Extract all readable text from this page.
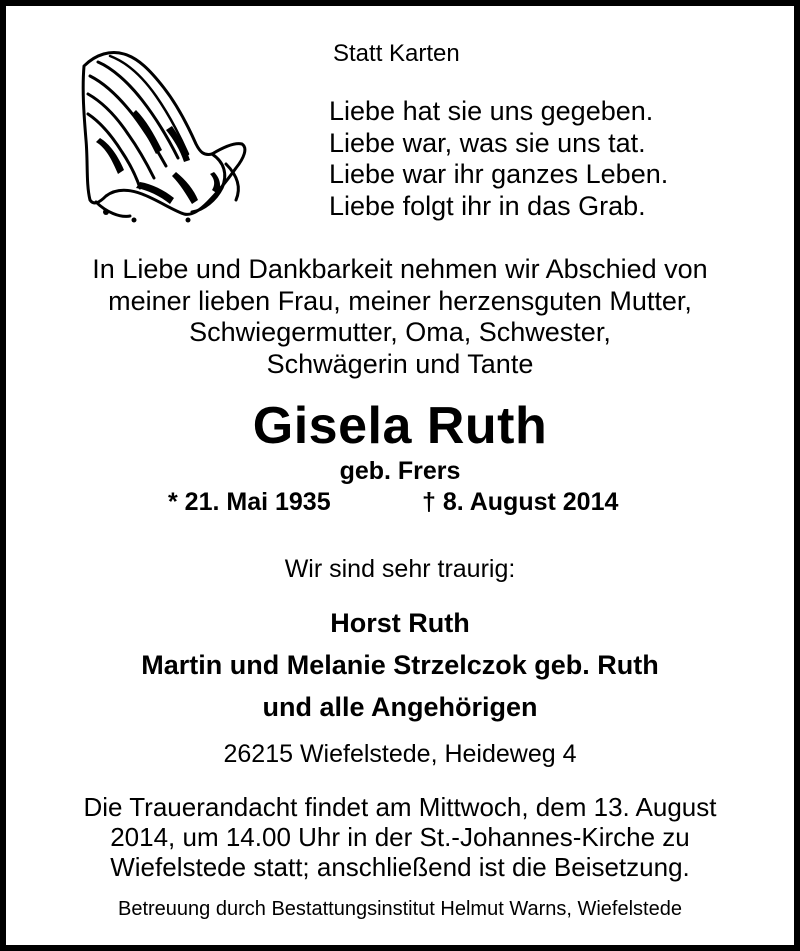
Statt Karten
Liebe hat sie uns gegeben.
Liebe war, was sie uns tat.
Liebe war ihr ganzes Leben.
Liebe folgt ihr in das Grab.
In Liebe und Dankbarkeit nehmen wir Abschied von
meiner lieben Frau, meiner herzensguten Mutter,
Schwiegermutter, Oma, Schwester,
Schwägerin und Tante
Gisela Ruth
geb. Frers
* 21. Mai 1935	† 8. August 2014
Wir sind sehr traurig:
Horst Ruth
Martin und Melanie Strzelczok geb. Ruth
und alle Angehörigen
26215 Wiefelstede, Heideweg 4
Die Trauerandacht findet am Mittwoch, dem 13. August
2014, um 14.00 Uhr in der St.-Johannes-Kirche zu
Wiefelstede statt; anschließend ist die Beisetzung.
Betreuung durch Bestattungsinstitut Helmut Warns, Wiefelstede
